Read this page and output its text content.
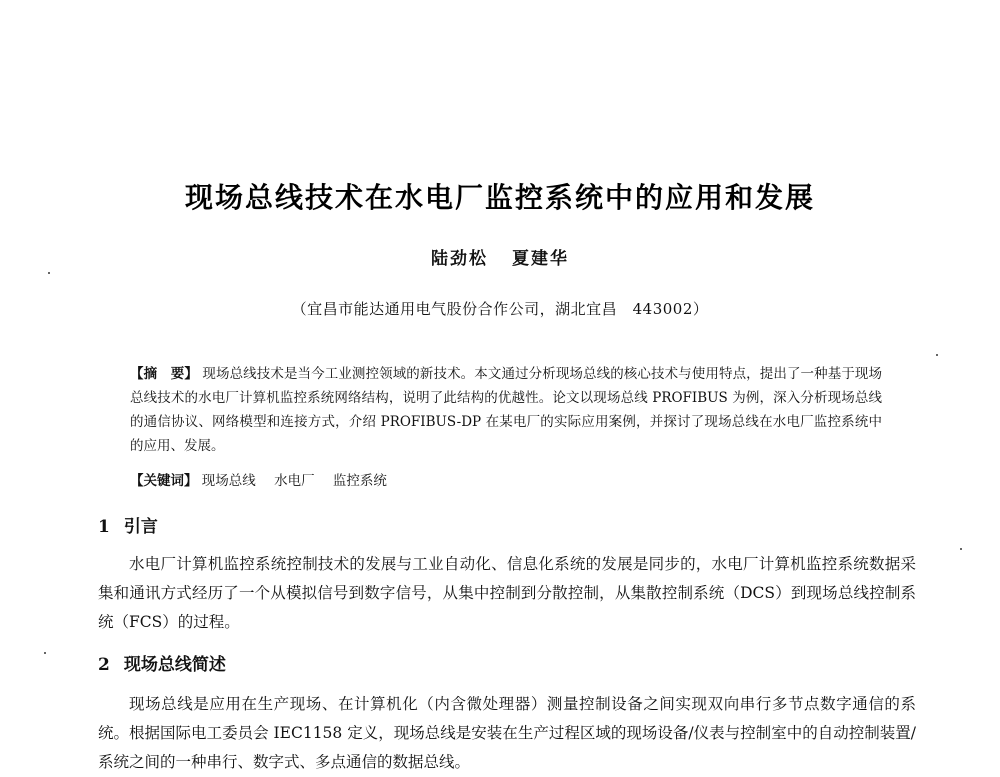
现场总线技术在水电厂监控系统中的应用和发展
陆劲松 夏建华
（宜昌市能达通用电气股份合作公司，湖北宜昌　443002）
【摘　要】 现场总线技术是当今工业测控领域的新技术。本文通过分析现场总线的核心技术与使用特点，提出了一种基于现场总线技术的水电厂计算机监控系统网络结构，说明了此结构的优越性。论文以现场总线 PROFIBUS 为例，深入分析现场总线的通信协议、网络模型和连接方式，介绍 PROFIBUS-DP 在某电厂的实际应用案例，并探讨了现场总线在水电厂监控系统中的应用、发展。
【关键词】 现场总线 水电厂 监控系统
1 引言
水电厂计算机监控系统控制技术的发展与工业自动化、信息化系统的发展是同步的，水电厂计算机监控系统数据采集和通讯方式经历了一个从模拟信号到数字信号，从集中控制到分散控制，从集散控制系统（DCS）到现场总线控制系统（FCS）的过程。
2 现场总线简述
现场总线是应用在生产现场、在计算机化（内含微处理器）测量控制设备之间实现双向串行多节点数字通信的系统。根据国际电工委员会 IEC1158 定义，现场总线是安装在生产过程区域的现场设备/仪表与控制室中的自动控制装置/系统之间的一种串行、数字式、多点通信的数据总线。
